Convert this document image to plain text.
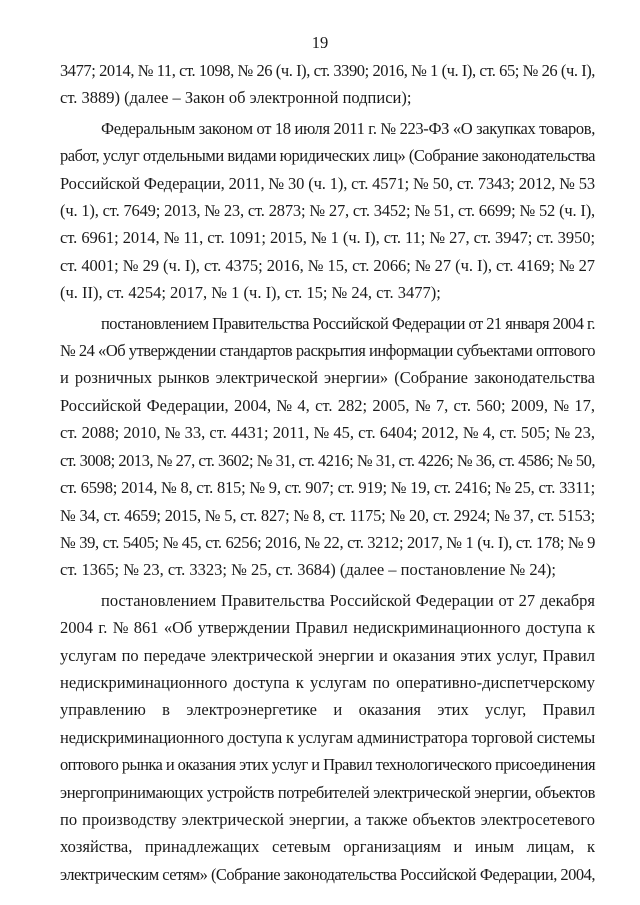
19

3477; 2014, № 11, ст. 1098, № 26 (ч. I), ст. 3390; 2016, № 1 (ч. I), ст. 65; № 26 (ч. I),
ст. 3889) (далее – Закон об электронной подписи);

Федеральным законом от 18 июля 2011 г. № 223-ФЗ «О закупках товаров,
работ, услуг отдельными видами юридических лиц» (Собрание законодательства
Российской Федерации, 2011, № 30 (ч. 1), ст. 4571; № 50, ст. 7343; 2012, № 53
(ч. 1), ст. 7649; 2013, № 23, ст. 2873; № 27, ст. 3452; № 51, ст. 6699; № 52 (ч. I),
ст. 6961; 2014, № 11, ст. 1091; 2015, № 1 (ч. I), ст. 11; № 27, ст. 3947; ст. 3950;
ст. 4001; № 29 (ч. I), ст. 4375; 2016, № 15, ст. 2066; № 27 (ч. I), ст. 4169; № 27
(ч. II), ст. 4254; 2017, № 1 (ч. I), ст. 15; № 24, ст. 3477);

постановлением Правительства Российской Федерации от 21 января 2004 г.
№ 24 «Об утверждении стандартов раскрытия информации субъектами оптового
и розничных рынков электрической энергии» (Собрание законодательства
Российской Федерации, 2004, № 4, ст. 282; 2005, № 7, ст. 560; 2009, № 17,
ст. 2088; 2010, № 33, ст. 4431; 2011, № 45, ст. 6404; 2012, № 4, ст. 505; № 23,
ст. 3008; 2013, № 27, ст. 3602; № 31, ст. 4216; № 31, ст. 4226; № 36, ст. 4586; № 50,
ст. 6598; 2014, № 8, ст. 815; № 9, ст. 907; ст. 919; № 19, ст. 2416; № 25, ст. 3311;
№ 34, ст. 4659; 2015, № 5, ст. 827; № 8, ст. 1175; № 20, ст. 2924; № 37, ст. 5153;
№ 39, ст. 5405; № 45, ст. 6256; 2016, № 22, ст. 3212; 2017, № 1 (ч. I), ст. 178; № 9
ст. 1365; № 23, ст. 3323; № 25, ст. 3684) (далее – постановление № 24);

постановлением Правительства Российской Федерации от 27 декабря
2004 г. № 861 «Об утверждении Правил недискриминационного доступа к
услугам по передаче электрической энергии и оказания этих услуг, Правил
недискриминационного доступа к услугам по оперативно-диспетчерскому
управлению в электроэнергетике и оказания этих услуг, Правил
недискриминационного доступа к услугам администратора торговой системы
оптового рынка и оказания этих услуг и Правил технологического присоединения
энергопринимающих устройств потребителей электрической энергии, объектов
по производству электрической энергии, а также объектов электросетевого
хозяйства, принадлежащих сетевым организациям и иным лицам, к
электрическим сетям» (Собрание законодательства Российской Федерации, 2004,
